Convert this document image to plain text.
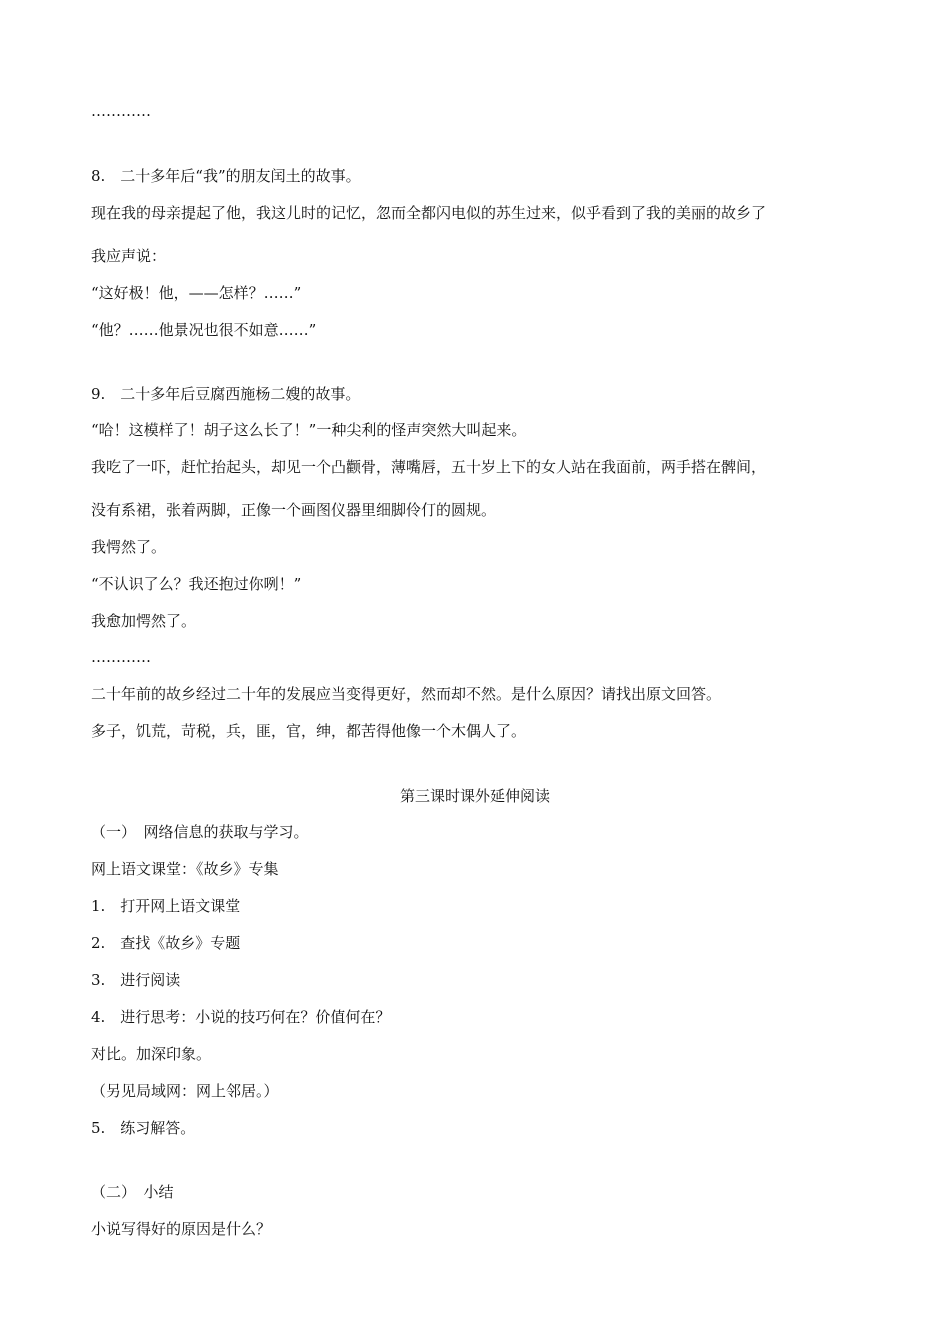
…………
8.　二十多年后“我”的朋友闰土的故事。
现在我的母亲提起了他，我这儿时的记忆，忽而全都闪电似的苏生过来，似乎看到了我的美丽的故乡了
我应声说：
“这好极！他，——怎样？……”
“他？……他景况也很不如意……”
9.　二十多年后豆腐西施杨二嫂的故事。
“哈！这模样了！胡子这么长了！”一种尖利的怪声突然大叫起来。
我吃了一吓，赶忙抬起头，却见一个凸颧骨，薄嘴唇，五十岁上下的女人站在我面前，两手搭在髀间，
没有系裙，张着两脚，正像一个画图仪器里细脚伶仃的圆规。
我愕然了。
“不认识了么？我还抱过你咧！”
我愈加愕然了。
…………
二十年前的故乡经过二十年的发展应当变得更好，然而却不然。是什么原因？请找出原文回答。
多子，饥荒，苛税，兵，匪，官，绅，都苦得他像一个木偶人了。
第三课时课外延伸阅读
（一）　网络信息的获取与学习。
网上语文课堂：《故乡》专集
1.　打开网上语文课堂
2.　查找《故乡》专题
3.　进行阅读
4.　进行思考：小说的技巧何在？价值何在？
对比。加深印象。
（另见局域网：网上邻居。）
5.　练习解答。
（二）　小结
小说写得好的原因是什么？
